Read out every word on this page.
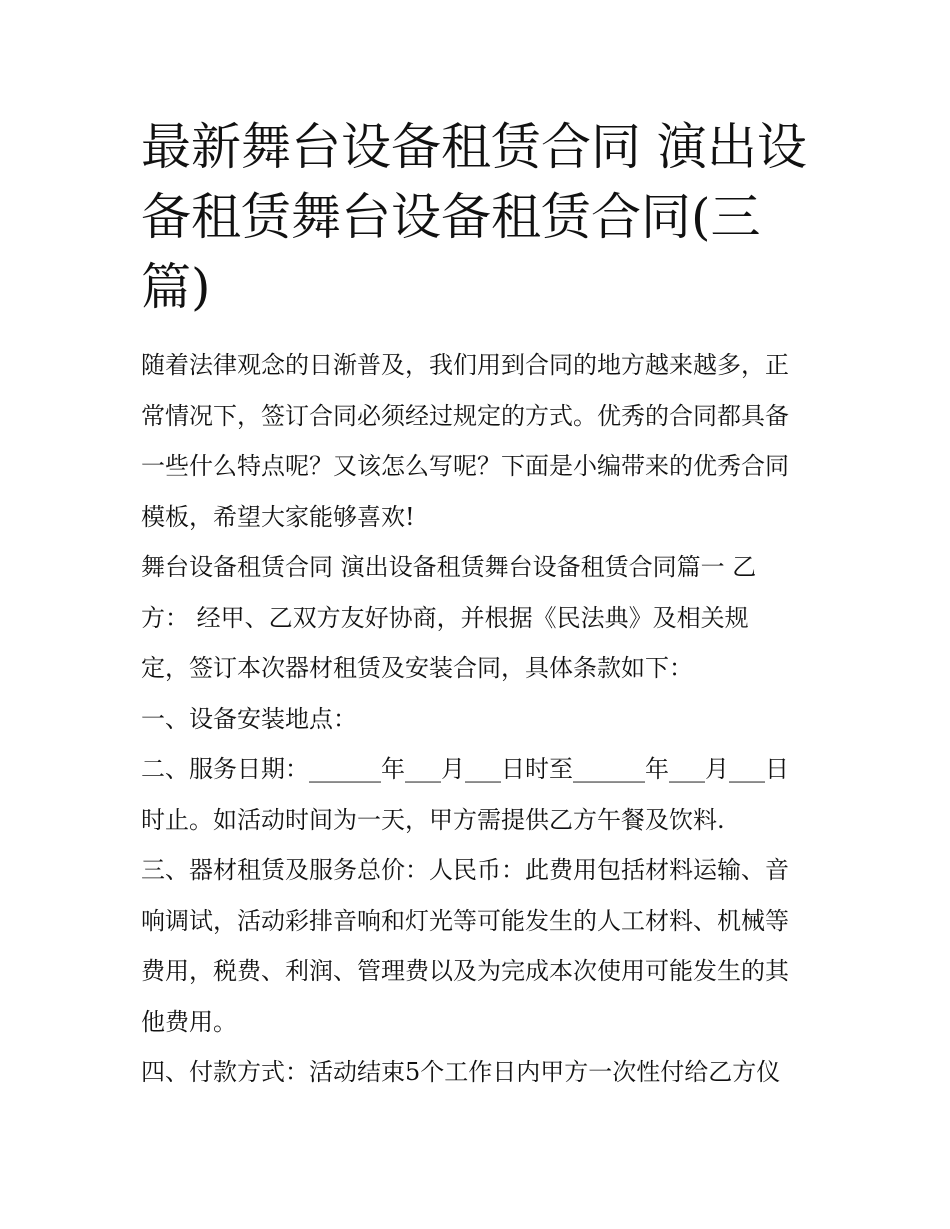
最新舞台设备租赁合同 演出设
备租赁舞台设备租赁合同(三
篇)

随着法律观念的日渐普及，我们用到合同的地方越来越多，正
常情况下，签订合同必须经过规定的方式。优秀的合同都具备
一些什么特点呢？又该怎么写呢？下面是小编带来的优秀合同
模板，希望大家能够喜欢!

舞台设备租赁合同 演出设备租赁舞台设备租赁合同篇一 乙
方： 经甲、乙双方友好协商，并根据《民法典》及相关规
定，签订本次器材租赁及安装合同，具体条款如下：

一、设备安装地点：

二、服务日期：______年___月___日时至______年___月___日
时止。如活动时间为一天，甲方需提供乙方午餐及饮料.

三、器材租赁及服务总价：人民币：此费用包括材料运输、音
响调试，活动彩排音响和灯光等可能发生的人工材料、机械等
费用，税费、利润、管理费以及为完成本次使用可能发生的其
他费用。

四、付款方式：活动结束5个工作日内甲方一次性付给乙方仪
